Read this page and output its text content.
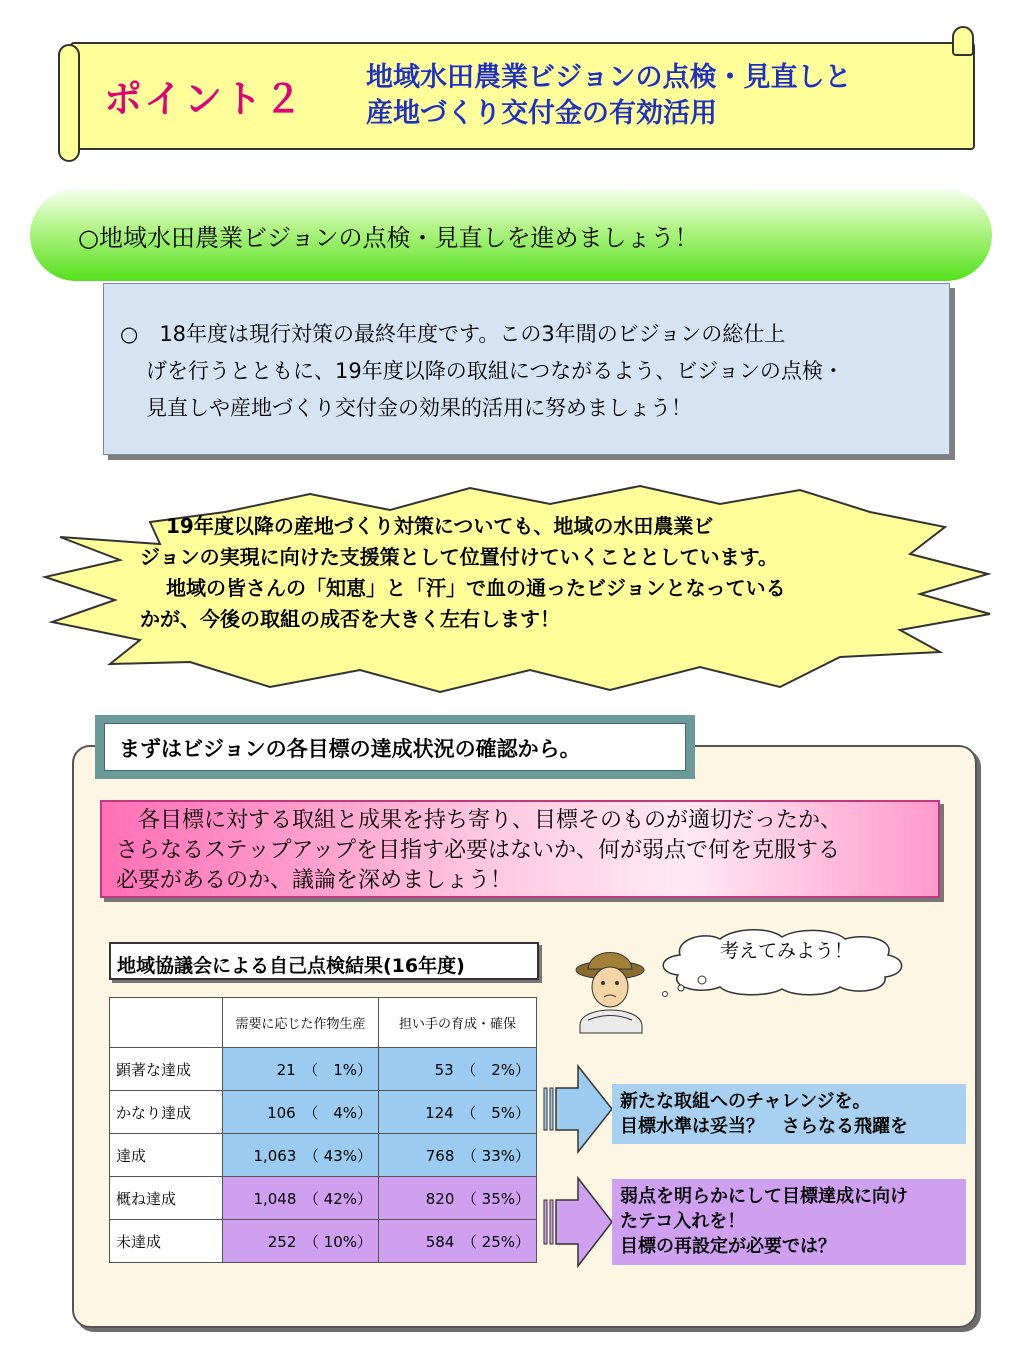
ポイント２ 地域水田農業ビジョンの点検・見直しと
産地づくり交付金の有効活用
○地域水田農業ビジョンの点検・見直しを進めましょう！
○　18年度は現行対策の最終年度です。この3年間のビジョンの総仕上
げを行うとともに、19年度以降の取組につながるよう、ビジョンの点検・
見直しや産地づくり交付金の効果的活用に努めましょう！
19年度以降の産地づくり対策についても、地域の水田農業ビ
ジョンの実現に向けた支援策として位置付けていくこととしています。
地域の皆さんの「知恵」と「汗」で血の通ったビジョンとなっている
かが、今後の取組の成否を大きく左右します！
まずはビジョンの各目標の達成状況の確認から。
各目標に対する取組と成果を持ち寄り、目標そのものが適切だったか、
さらなるステップアップを目指す必要はないか、何が弱点で何を克服する
必要があるのか、議論を深めましょう！
地域協議会による自己点検結果(16年度)
	需要に応じた作物生産	担い手の育成・確保
顕著な達成	21　（　1%）	53　（　2%）
かなり達成	106　（　4%）	124　（　5%）
達成	1,063　（ 43%）	768　（ 33%）
概ね達成	1,048　（ 42%）	820　（ 35%）
未達成	252　（ 10%）	584　（ 25%）
新たな取組へのチャレンジを。
目標水準は妥当？　さらなる飛躍を
弱点を明らかにして目標達成に向け
たテコ入れを！
目標の再設定が必要では？
考えてみよう！
